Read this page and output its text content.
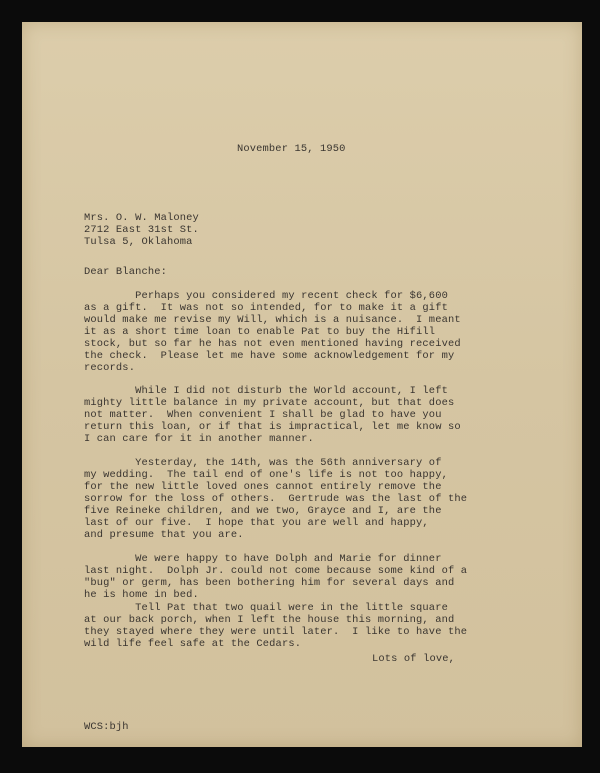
November 15, 1950
Mrs. O. W. Maloney
2712 East 31st St.
Tulsa 5, Oklahoma
Dear Blanche:
Perhaps you considered my recent check for $6,600
as a gift.  It was not so intended, for to make it a gift
would make me revise my Will, which is a nuisance.  I meant
it as a short time loan to enable Pat to buy the Hifill
stock, but so far he has not even mentioned having received
the check.  Please let me have some acknowledgement for my
records.
While I did not disturb the World account, I left
mighty little balance in my private account, but that does
not matter.  When convenient I shall be glad to have you
return this loan, or if that is impractical, let me know so
I can care for it in another manner.
Yesterday, the 14th, was the 56th anniversary of
my wedding.  The tail end of one's life is not too happy,
for the new little loved ones cannot entirely remove the
sorrow for the loss of others.  Gertrude was the last of the
five Reineke children, and we two, Grayce and I, are the
last of our five.  I hope that you are well and happy,
and presume that you are.
We were happy to have Dolph and Marie for dinner
last night.  Dolph Jr. could not come because some kind of a
"bug" or germ, has been bothering him for several days and
he is home in bed.
Tell Pat that two quail were in the little square
at our back porch, when I left the house this morning, and
they stayed where they were until later.  I like to have the
wild life feel safe at the Cedars.
Lots of love,
WCS:bjh
